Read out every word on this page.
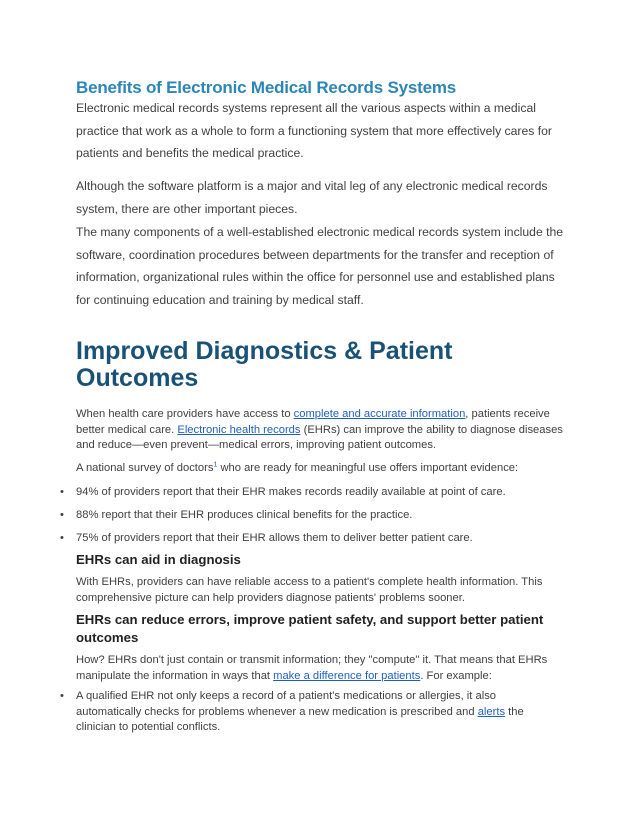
Benefits of Electronic Medical Records Systems

Electronic medical records systems represent all the various aspects within a medical practice that work as a whole to form a functioning system that more effectively cares for patients and benefits the medical practice.

Although the software platform is a major and vital leg of any electronic medical records system, there are other important pieces.

The many components of a well-established electronic medical records system include the software, coordination procedures between departments for the transfer and reception of information, organizational rules within the office for personnel use and established plans for continuing education and training by medical staff.

Improved Diagnostics & Patient Outcomes

When health care providers have access to complete and accurate information, patients receive better medical care. Electronic health records (EHRs) can improve the ability to diagnose diseases and reduce—even prevent—medical errors, improving patient outcomes.

A national survey of doctors$^1$ who are ready for meaningful use offers important evidence:

• 94% of providers report that their EHR makes records readily available at point of care.

• 88% report that their EHR produces clinical benefits for the practice.

• 75% of providers report that their EHR allows them to deliver better patient care.

EHRs can aid in diagnosis

With EHRs, providers can have reliable access to a patient's complete health information. This comprehensive picture can help providers diagnose patients' problems sooner.

EHRs can reduce errors, improve patient safety, and support better patient outcomes

How? EHRs don't just contain or transmit information; they "compute" it. That means that EHRs manipulate the information in ways that make a difference for patients. For example:

• A qualified EHR not only keeps a record of a patient's medications or allergies, it also automatically checks for problems whenever a new medication is prescribed and alerts the clinician to potential conflicts.
